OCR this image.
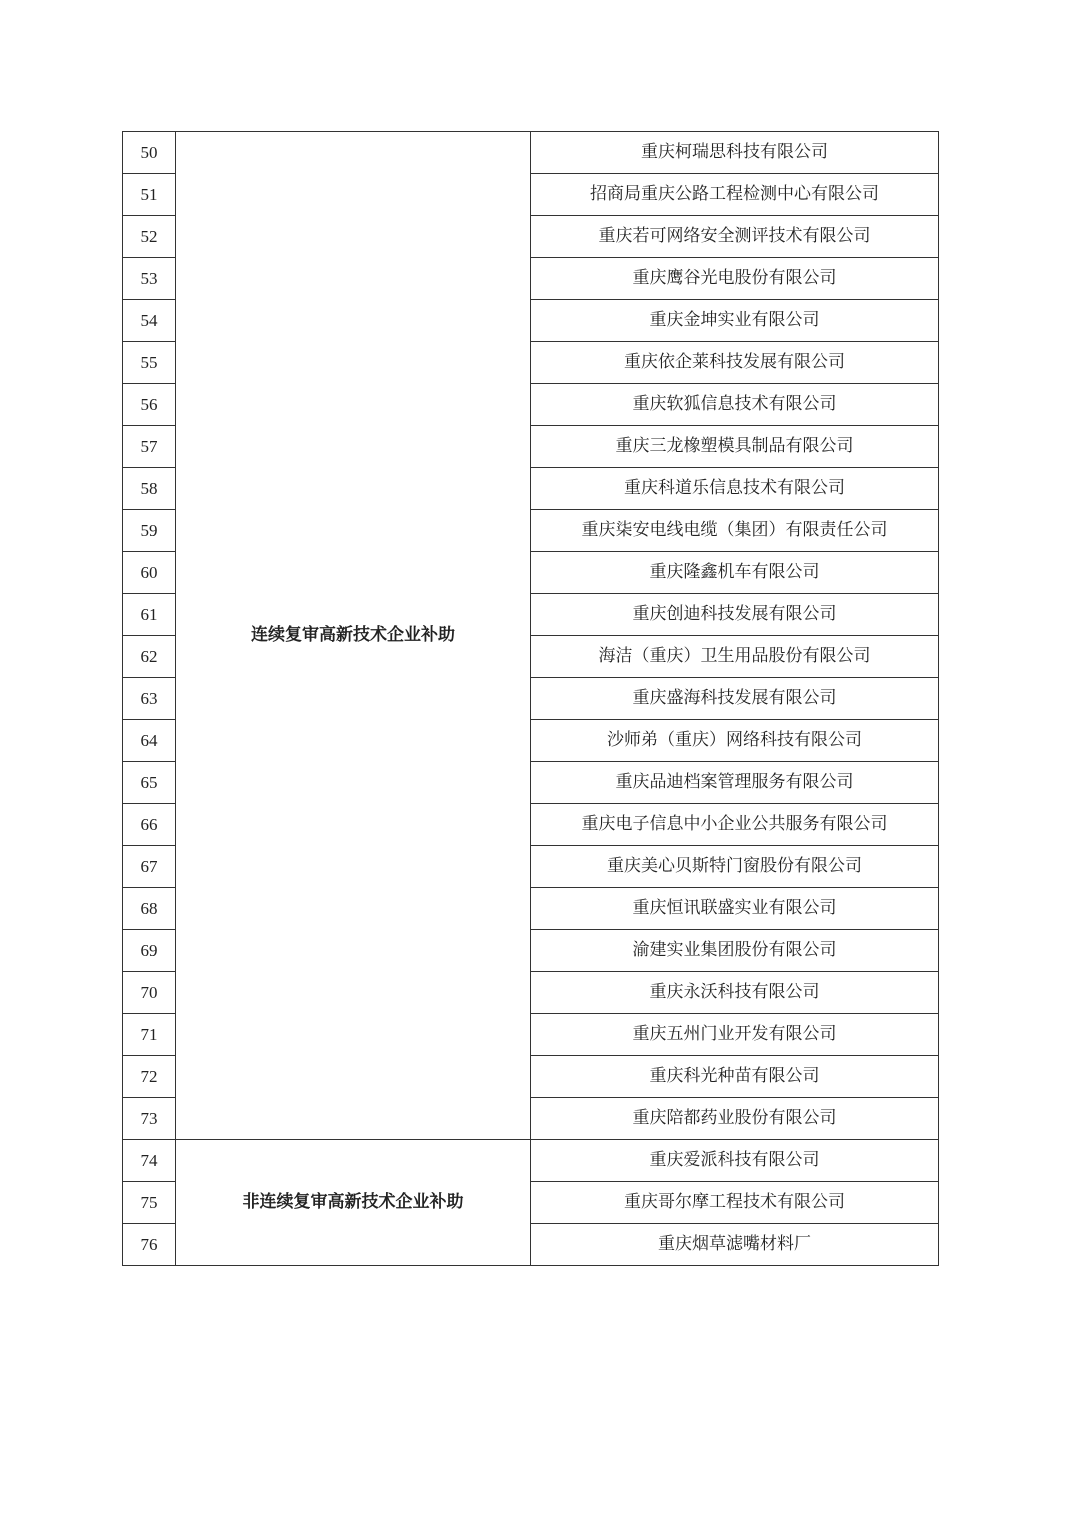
50	连续复审高新技术企业补助	重庆柯瑞思科技有限公司
51		招商局重庆公路工程检测中心有限公司
52		重庆若可网络安全测评技术有限公司
53		重庆鹰谷光电股份有限公司
54		重庆金坤实业有限公司
55		重庆依企莱科技发展有限公司
56		重庆软狐信息技术有限公司
57		重庆三龙橡塑模具制品有限公司
58		重庆科道乐信息技术有限公司
59		重庆柒安电线电缆（集团）有限责任公司
60		重庆隆鑫机车有限公司
61		重庆创迪科技发展有限公司
62		海洁（重庆）卫生用品股份有限公司
63		重庆盛海科技发展有限公司
64		沙师弟（重庆）网络科技有限公司
65		重庆品迪档案管理服务有限公司
66		重庆电子信息中小企业公共服务有限公司
67		重庆美心贝斯特门窗股份有限公司
68		重庆恒讯联盛实业有限公司
69		渝建实业集团股份有限公司
70		重庆永沃科技有限公司
71		重庆五州门业开发有限公司
72		重庆科光种苗有限公司
73		重庆陪都药业股份有限公司
74	非连续复审高新技术企业补助	重庆爱派科技有限公司
75		重庆哥尔摩工程技术有限公司
76		重庆烟草滤嘴材料厂
